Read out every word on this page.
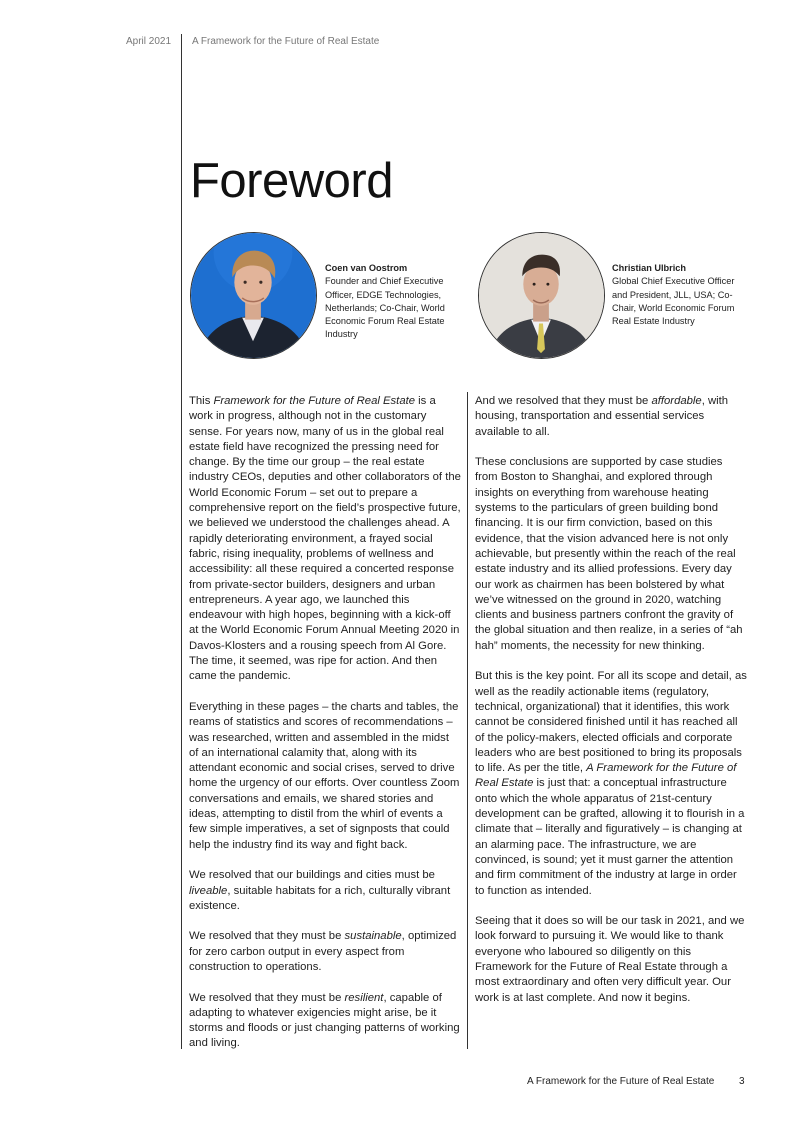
April 2021 A Framework for the Future of Real Estate
Foreword
Coen van Oostrom
Founder and Chief Executive Officer, EDGE Technologies, Netherlands; Co-Chair, World Economic Forum Real Estate Industry
Christian Ulbrich
Global Chief Executive Officer and President, JLL, USA; Co-Chair, World Economic Forum Real Estate Industry

This Framework for the Future of Real Estate is a work in progress, although not in the customary sense. For years now, many of us in the global real estate field have recognized the pressing need for change. By the time our group – the real estate industry CEOs, deputies and other collaborators of the World Economic Forum – set out to prepare a comprehensive report on the field’s prospective future, we believed we understood the challenges ahead. A rapidly deteriorating environment, a frayed social fabric, rising inequality, problems of wellness and accessibility: all these required a concerted response from private-sector builders, designers and urban entrepreneurs. A year ago, we launched this endeavour with high hopes, beginning with a kick-off at the World Economic Forum Annual Meeting 2020 in Davos-Klosters and a rousing speech from Al Gore. The time, it seemed, was ripe for action. And then came the pandemic.

Everything in these pages – the charts and tables, the reams of statistics and scores of recommendations – was researched, written and assembled in the midst of an international calamity that, along with its attendant economic and social crises, served to drive home the urgency of our efforts. Over countless Zoom conversations and emails, we shared stories and ideas, attempting to distil from the whirl of events a few simple imperatives, a set of signposts that could help the industry find its way and fight back.

We resolved that our buildings and cities must be liveable, suitable habitats for a rich, culturally vibrant existence.

We resolved that they must be sustainable, optimized for zero carbon output in every aspect from construction to operations.

We resolved that they must be resilient, capable of adapting to whatever exigencies might arise, be it storms and floods or just changing patterns of working and living.

And we resolved that they must be affordable, with housing, transportation and essential services available to all.

These conclusions are supported by case studies from Boston to Shanghai, and explored through insights on everything from warehouse heating systems to the particulars of green building bond financing. It is our firm conviction, based on this evidence, that the vision advanced here is not only achievable, but presently within the reach of the real estate industry and its allied professions. Every day our work as chairmen has been bolstered by what we’ve witnessed on the ground in 2020, watching clients and business partners confront the gravity of the global situation and then realize, in a series of “ah hah” moments, the necessity for new thinking.

But this is the key point. For all its scope and detail, as well as the readily actionable items (regulatory, technical, organizational) that it identifies, this work cannot be considered finished until it has reached all of the policy-makers, elected officials and corporate leaders who are best positioned to bring its proposals to life. As per the title, A Framework for the Future of Real Estate is just that: a conceptual infrastructure onto which the whole apparatus of 21st-century development can be grafted, allowing it to flourish in a climate that – literally and figuratively – is changing at an alarming pace. The infrastructure, we are convinced, is sound; yet it must garner the attention and firm commitment of the industry at large in order to function as intended.

Seeing that it does so will be our task in 2021, and we look forward to pursuing it. We would like to thank everyone who laboured so diligently on this Framework for the Future of Real Estate through a most extraordinary and often very difficult year. Our work is at last complete. And now it begins.

A Framework for the Future of Real Estate 3
